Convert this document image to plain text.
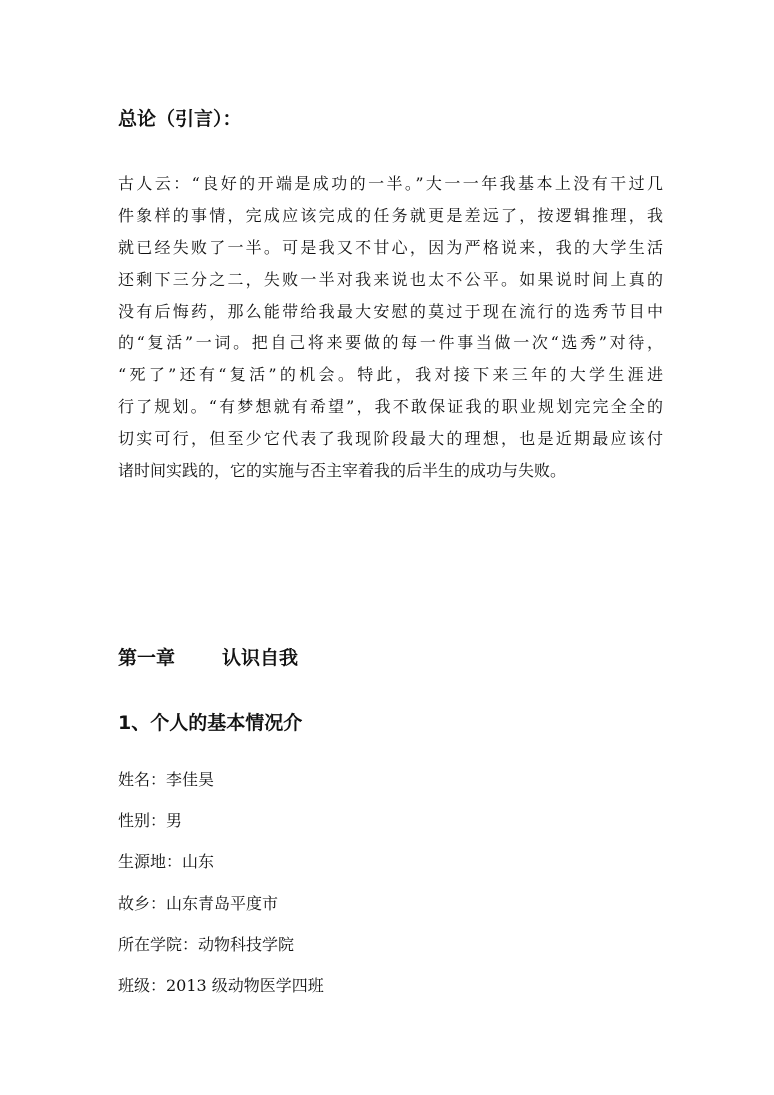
总论（引言）：
古人云：“良好的开端是成功的一半。”大一一年我基本上没有干过几
件象样的事情，完成应该完成的任务就更是差远了，按逻辑推理，我
就已经失败了一半。可是我又不甘心，因为严格说来，我的大学生活
还剩下三分之二，失败一半对我来说也太不公平。如果说时间上真的
没有后悔药，那么能带给我最大安慰的莫过于现在流行的选秀节目中
的“复活”一词。把自己将来要做的每一件事当做一次“选秀”对待，
“死了”还有“复活”的机会。特此，我对接下来三年的大学生涯进
行了规划。“有梦想就有希望”，我不敢保证我的职业规划完完全全的
切实可行，但至少它代表了我现阶段最大的理想，也是近期最应该付
诸时间实践的，它的实施与否主宰着我的后半生的成功与失败。
第一章 认识自我
1、个人的基本情况介
姓名：李佳昊
性别：男
生源地：山东
故乡：山东青岛平度市
所在学院：动物科技学院
班级：2013 级动物医学四班
